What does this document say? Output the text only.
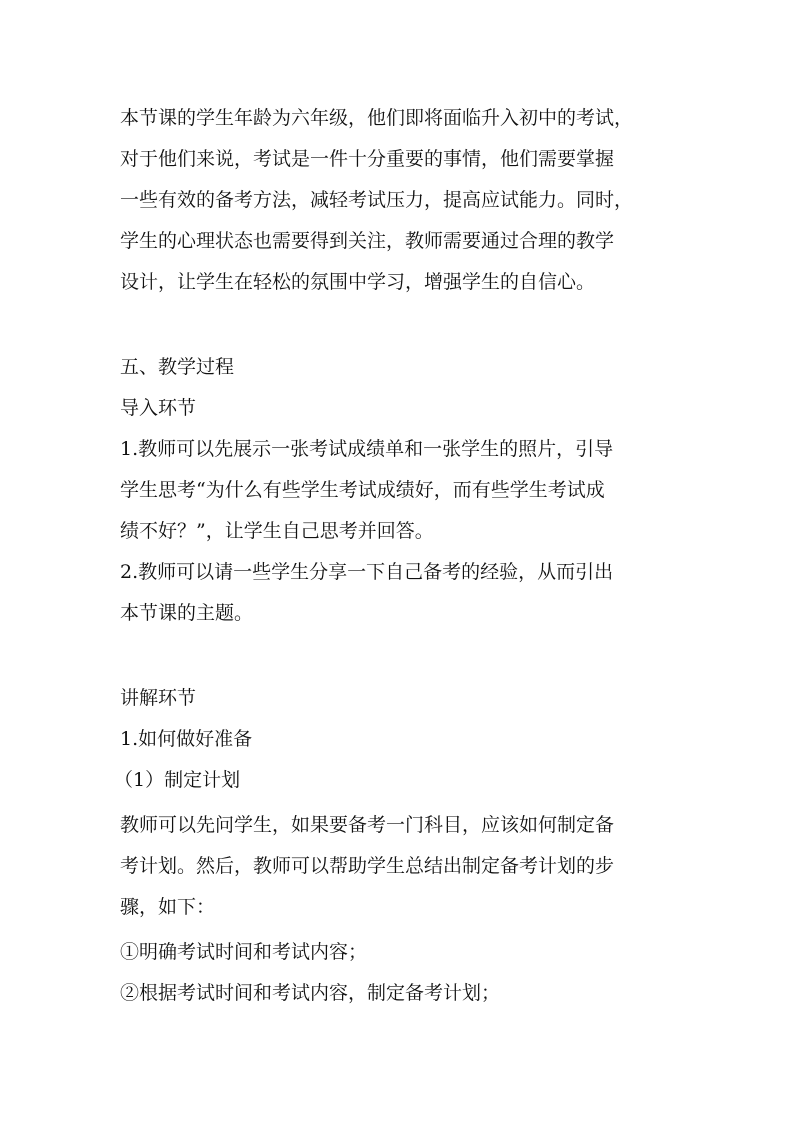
本节课的学生年龄为六年级，他们即将面临升入初中的考试，
对于他们来说，考试是一件十分重要的事情，他们需要掌握
一些有效的备考方法，减轻考试压力，提高应试能力。同时，
学生的心理状态也需要得到关注，教师需要通过合理的教学
设计，让学生在轻松的氛围中学习，增强学生的自信心。
五、教学过程
导入环节
1.教师可以先展示一张考试成绩单和一张学生的照片，引导
学生思考“为什么有些学生考试成绩好，而有些学生考试成
绩不好？”，让学生自己思考并回答。
2.教师可以请一些学生分享一下自己备考的经验，从而引出
本节课的主题。
讲解环节
1.如何做好准备
（1）制定计划
教师可以先问学生，如果要备考一门科目，应该如何制定备
考计划。然后，教师可以帮助学生总结出制定备考计划的步
骤，如下：
①明确考试时间和考试内容；
②根据考试时间和考试内容，制定备考计划；
